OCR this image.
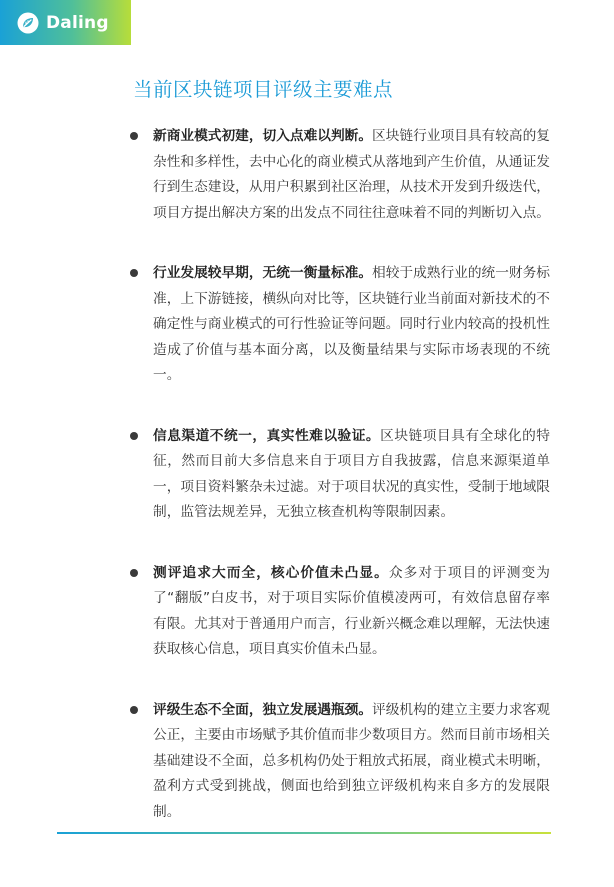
Daling
当前区块链项目评级主要难点
新商业模式初建，切入点难以判断。区块链行业项目具有较高的复杂性和多样性，去中心化的商业模式从落地到产生价值，从通证发行到生态建设，从用户积累到社区治理，从技术开发到升级迭代，项目方提出解决方案的出发点不同往往意味着不同的判断切入点。
行业发展较早期，无统一衡量标准。相较于成熟行业的统一财务标准，上下游链接，横纵向对比等，区块链行业当前面对新技术的不确定性与商业模式的可行性验证等问题。同时行业内较高的投机性造成了价值与基本面分离，以及衡量结果与实际市场表现的不统一。
信息渠道不统一，真实性难以验证。区块链项目具有全球化的特征，然而目前大多信息来自于项目方自我披露，信息来源渠道单一，项目资料繁杂未过滤。对于项目状况的真实性，受制于地域限制，监管法规差异，无独立核查机构等限制因素。
测评追求大而全，核心价值未凸显。众多对于项目的评测变为了“翻版”白皮书，对于项目实际价值模凌两可，有效信息留存率有限。尤其对于普通用户而言，行业新兴概念难以理解，无法快速获取核心信息，项目真实价值未凸显。
评级生态不全面，独立发展遇瓶颈。评级机构的建立主要力求客观公正，主要由市场赋予其价值而非少数项目方。然而目前市场相关基础建设不全面，总多机构仍处于粗放式拓展，商业模式未明晰，盈利方式受到挑战，侧面也给到独立评级机构来自多方的发展限制。
